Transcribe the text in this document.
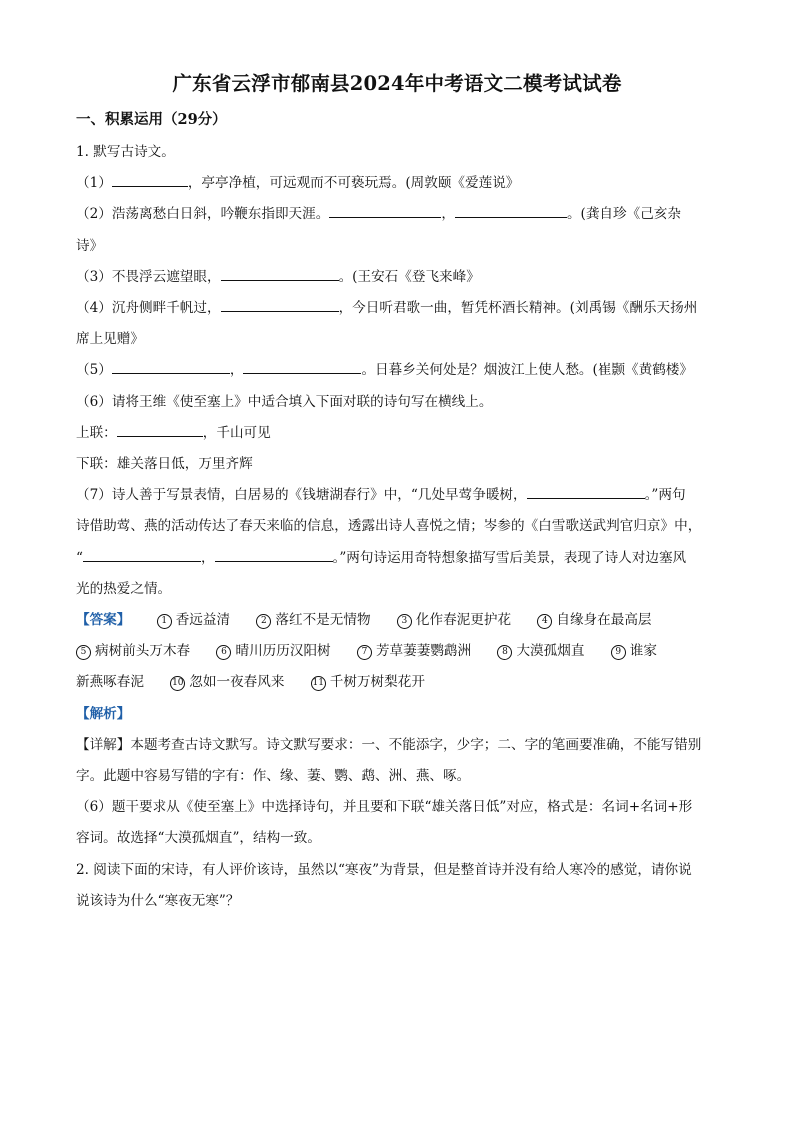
广东省云浮市郁南县2024年中考语文二模考试试卷
一、积累运用（29分）

1. 默写古诗文。

（1）	，亭亭净植，可远观而不可亵玩焉。(周敦颐《爱莲说》

（2）浩荡离愁白日斜，吟鞭东指即天涯。	，	。(龚自珍《己亥杂

诗》

（3）不畏浮云遮望眼，	。(王安石《登飞来峰》

（4）沉舟侧畔千帆过，	，今日听君歌一曲，暂凭杯酒长精神。(刘禹锡《酬乐天扬州

席上见赠》

（5）	，	。日暮乡关何处是？烟波江上使人愁。(崔颢《黄鹤楼》

（6）请将王维《使至塞上》中适合填入下面对联的诗句写在横线上。

上联：	，千山可见

下联：雄关落日低，万里齐辉

（7）诗人善于写景表情，白居易的《钱塘湖春行》中，“几处早莺争暖树，	。”两句

诗借助莺、燕的活动传达了春天来临的信息，透露出诗人喜悦之情；岑参的《白雪歌送武判官归京》中，

“	，	。”两句诗运用奇特想象描写雪后美景，表现了诗人对边塞风

光的热爱之情。

【答案】	1 香远益清	2 落红不是无情物	3 化作春泥更护花	4 自缘身在最高层

5 病树前头万木春	6 晴川历历汉阳树	7 芳草萋萋鹦鹉洲	8 大漠孤烟直	9 谁家

新燕啄春泥	10 忽如一夜春风来	11 千树万树梨花开

【解析】

【详解】本题考查古诗文默写。诗文默写要求：一、不能添字，少字；二、字的笔画要准确，不能写错别

字。此题中容易写错的字有：作、缘、萋、鹦、鹉、洲、燕、啄。

（6）题干要求从《使至塞上》中选择诗句，并且要和下联“雄关落日低”对应，格式是：名词+名词+形

容词。故选择“大漠孤烟直”，结构一致。

2. 阅读下面的宋诗，有人评价该诗，虽然以“寒夜”为背景，但是整首诗并没有给人寒冷的感觉，请你说

说该诗为什么“寒夜无寒”？
